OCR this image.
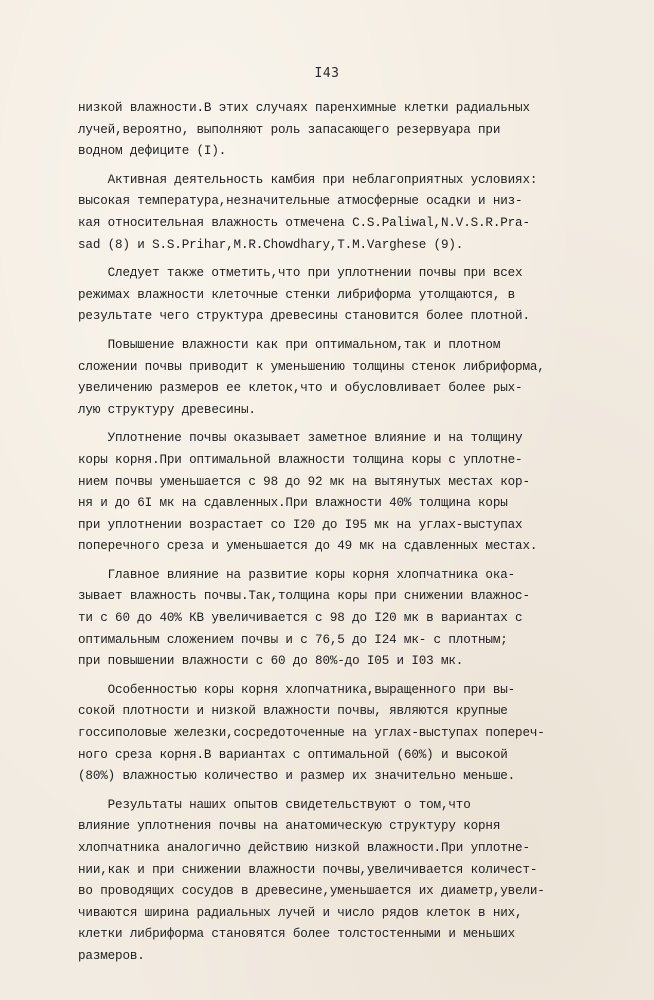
I43
низкой влажности.В этих случаях паренхимные клетки радиальных
лучей,вероятно, выполняют роль запасающего резервуара при
водном дефиците (I).
Активная деятельность камбия при неблагоприятных условиях:
высокая температура,незначительные атмосферные осадки и низ-
кая относительная влажность отмечена C.S.Paliwal,N.V.S.R.Pra-
sad (8) и S.S.Prihar,M.R.Chowdhary,T.M.Varghese (9).
Следует также отметить,что при уплотнении почвы при всех
режимах влажности клеточные стенки либриформа утолщаются, в
результате чего структура древесины становится более плотной.
Повышение влажности как при оптимальном,так и плотном
сложении почвы приводит к уменьшению толщины стенок либриформа,
увеличению размеров ее клеток,что и обусловливает более рых-
лую структуру древесины.
Уплотнение почвы оказывает заметное влияние и на толщину
коры корня.При оптимальной влажности толщина коры с уплотне-
нием почвы уменьшается с 98 до 92 мк на вытянутых местах кор-
ня и до 6I мк на сдавленных.При влажности 40% толщина коры
при уплотнении возрастает со I20 до I95 мк на углах-выступах
поперечного среза и уменьшается до 49 мк на сдавленных местах.
Главное влияние на развитие коры корня хлопчатника ока-
зывает влажность почвы.Так,толщина коры при снижении влажнос-
ти с 60 до 40% КВ увеличивается с 98 до I20 мк в вариантах с
оптимальным сложением почвы и с 76,5 до I24 мк- с плотным;
при повышении влажности с 60 до 80%-до I05 и I03 мк.
Особенностью коры корня хлопчатника,выращенного при вы-
сокой плотности и низкой влажности почвы, являются крупные
госсиполовые железки,сосредоточенные на углах-выступах попереч-
ного среза корня.В вариантах с оптимальной (60%) и высокой
(80%) влажностью количество и размер их значительно меньше.
Результаты наших опытов свидетельствуют о том,что
влияние уплотнения почвы на анатомическую структуру корня
хлопчатника аналогично действию низкой влажности.При уплотне-
нии,как и при снижении влажности почвы,увеличивается количест-
во проводящих сосудов в древесине,уменьшается их диаметр,увели-
чиваются ширина радиальных лучей и число рядов клеток в них,
клетки либриформа становятся более толстостенными и меньших
размеров.
